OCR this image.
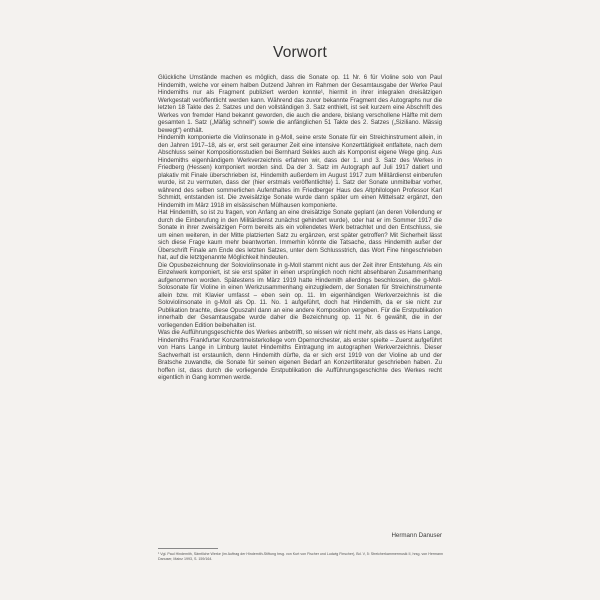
Vorwort

Glückliche Umstände machen es möglich, dass die Sonate op. 11 Nr. 6 für Violine solo von Paul Hindemith, welche vor einem halben Dutzend Jahren im Rahmen der Gesamtausgabe der Werke Paul Hindemiths nur als Fragment publiziert werden konnte¹, hiermit in ihrer integralen dreisätzigen Werkgestalt veröffentlicht werden kann. Während das zuvor bekannte Fragment des Autographs nur die letzten 18 Takte des 2. Satzes und den vollständigen 3. Satz enthielt, ist seit kurzem eine Abschrift des Werkes von fremder Hand bekannt geworden, die auch die andere, bislang verschollene Hälfte mit dem gesamten 1. Satz („Mäßig schnell“) sowie die anfänglichen 51 Takte des 2. Satzes („Siziliano. Mässig bewegt“) enthält.

Hindemith komponierte die Violinsonate in g-Moll, seine erste Sonate für ein Streichinstrument allein, in den Jahren 1917–18, als er, erst seit geraumer Zeit eine intensive Konzerttätigkeit entfaltete, nach dem Abschluss seiner Kompositionsstudien bei Bernhard Sekles auch als Komponist eigene Wege ging. Aus Hindemiths eigenhändigem Werkverzeichnis erfahren wir, dass der 1. und 3. Satz des Werkes in Friedberg (Hessen) komponiert worden sind. Da der 3. Satz im Autograph auf Juli 1917 datiert und plakativ mit Finale überschrieben ist, Hindemith außerdem im August 1917 zum Militärdienst einberufen wurde, ist zu vermuten, dass der (hier erstmals veröffentlichte) 1. Satz der Sonate unmittelbar vorher, während des selben sommerlichen Aufenthaltes im Friedberger Haus des Altphilologen Professor Karl Schmidt, entstanden ist. Die zweisätzige Sonate wurde dann später um einen Mittelsatz ergänzt, den Hindemith im März 1918 im elsässischen Mülhausen komponierte.

Hat Hindemith, so ist zu fragen, von Anfang an eine dreisätzige Sonate geplant (an deren Vollendung er durch die Einberufung in den Militärdienst zunächst gehindert wurde), oder hat er im Sommer 1917 die Sonate in ihrer zweisätzigen Form bereits als ein vollendetes Werk betrachtet und den Entschluss, sie um einen weiteren, in der Mitte platzierten Satz zu ergänzen, erst später getroffen? Mit Sicherheit lässt sich diese Frage kaum mehr beantworten. Immerhin könnte die Tatsache, dass Hindemith außer der Überschrift Finale am Ende des letzten Satzes, unter dem Schlussstrich, das Wort Fine hingeschrieben hat, auf die letztgenannte Möglichkeit hindeuten.

Die Opusbezeichnung der Soloviolinsonate in g-Moll stammt nicht aus der Zeit ihrer Entstehung. Als ein Einzelwerk komponiert, ist sie erst später in einen ursprünglich noch nicht absehbaren Zusammenhang aufgenommen worden. Spätestens im März 1919 hatte Hindemith allerdings beschlossen, die g-Moll-Solosonate für Violine in einen Werkzusammenhang einzugliedern, der Sonaten für Streichinstrumente allein bzw. mit Klavier umfasst – eben sein op. 11. Im eigenhändigen Werkverzeichnis ist die Soloviolinsonate in g-Moll als Op. 11. No. 1 aufgeführt, doch hat Hindemith, da er sie nicht zur Publikation brachte, diese Opuszahl dann an eine andere Komposition vergeben. Für die Erstpublikation innerhalb der Gesamtausgabe wurde daher die Bezeichnung op. 11 Nr. 6 gewählt, die in der vorliegenden Edition beibehalten ist.

Was die Aufführungsgeschichte des Werkes anbetrifft, so wissen wir nicht mehr, als dass es Hans Lange, Hindemiths Frankfurter Konzertmeisterkollege vom Opernorchester, als erster spielte – Zuerst aufgeführt von Hans Lange in Limburg lautet Hindemiths Eintragung im autographen Werkverzeichnis. Dieser Sachverhalt ist erstaunlich, denn Hindemith dürfte, da er sich erst 1919 von der Violine ab und der Bratsche zuwandte, die Sonate für seinen eigenen Bedarf an Konzertliteratur geschrieben haben. Zu hoffen ist, dass durch die vorliegende Erstpublikation die Aufführungsgeschichte des Werkes recht eigentlich in Gang kommen werde.

Hermann Danuser
¹ Vgl. Paul Hindemith, Sämtliche Werke (im Auftrag der Hindemith-Stiftung hrsg. von Kurt von Fischer und Ludwig Finscher), Bd. V, 5: Streicherkammermusik II, hrsg. von Hermann Danuser, Mainz 1993, S. 159/164.
